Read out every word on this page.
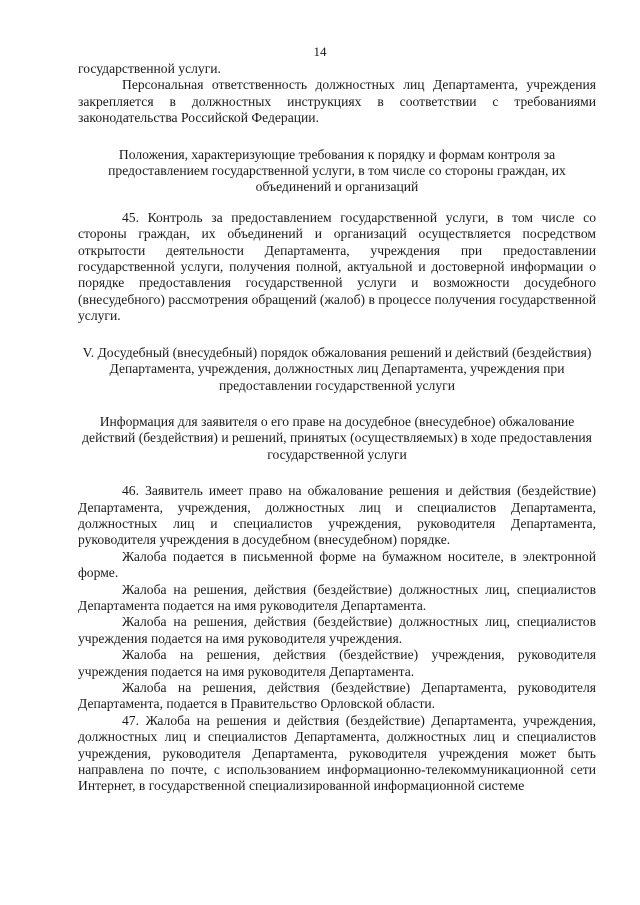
14

государственной услуги.

Персональная ответственность должностных лиц Департамента, учреждения закрепляется в должностных инструкциях в соответствии с требованиями законодательства Российской Федерации.

Положения, характеризующие требования к порядку и формам контроля за предоставлением государственной услуги, в том числе со стороны граждан, их объединений и организаций

45. Контроль за предоставлением государственной услуги, в том числе со стороны граждан, их объединений и организаций осуществляется посредством открытости деятельности Департамента, учреждения при предоставлении государственной услуги, получения полной, актуальной и достоверной информации о порядке предоставления государственной услуги и возможности досудебного (внесудебного) рассмотрения обращений (жалоб) в процессе получения государственной услуги.

V. Досудебный (внесудебный) порядок обжалования решений и действий (бездействия) Департамента, учреждения, должностных лиц Департамента, учреждения при предоставлении государственной услуги

Информация для заявителя о его праве на досудебное (внесудебное) обжалование действий (бездействия) и решений, принятых (осуществляемых) в ходе предоставления государственной услуги

46. Заявитель имеет право на обжалование решения и действия (бездействие) Департамента, учреждения, должностных лиц и специалистов Департамента, должностных лиц и специалистов учреждения, руководителя Департамента, руководителя учреждения в досудебном (внесудебном) порядке.

Жалоба подается в письменной форме на бумажном носителе, в электронной форме.

Жалоба на решения, действия (бездействие) должностных лиц, специалистов Департамента подается на имя руководителя Департамента.

Жалоба на решения, действия (бездействие) должностных лиц, специалистов учреждения подается на имя руководителя учреждения.

Жалоба на решения, действия (бездействие) учреждения, руководителя учреждения подается на имя руководителя Департамента.

Жалоба на решения, действия (бездействие) Департамента, руководителя Департамента, подается в Правительство Орловской области.

47. Жалоба на решения и действия (бездействие) Департамента, учреждения, должностных лиц и специалистов Департамента, должностных лиц и специалистов учреждения, руководителя Департамента, руководителя учреждения может быть направлена по почте, с использованием информационно-телекоммуникационной сети Интернет, в государственной специализированной информационной системе
